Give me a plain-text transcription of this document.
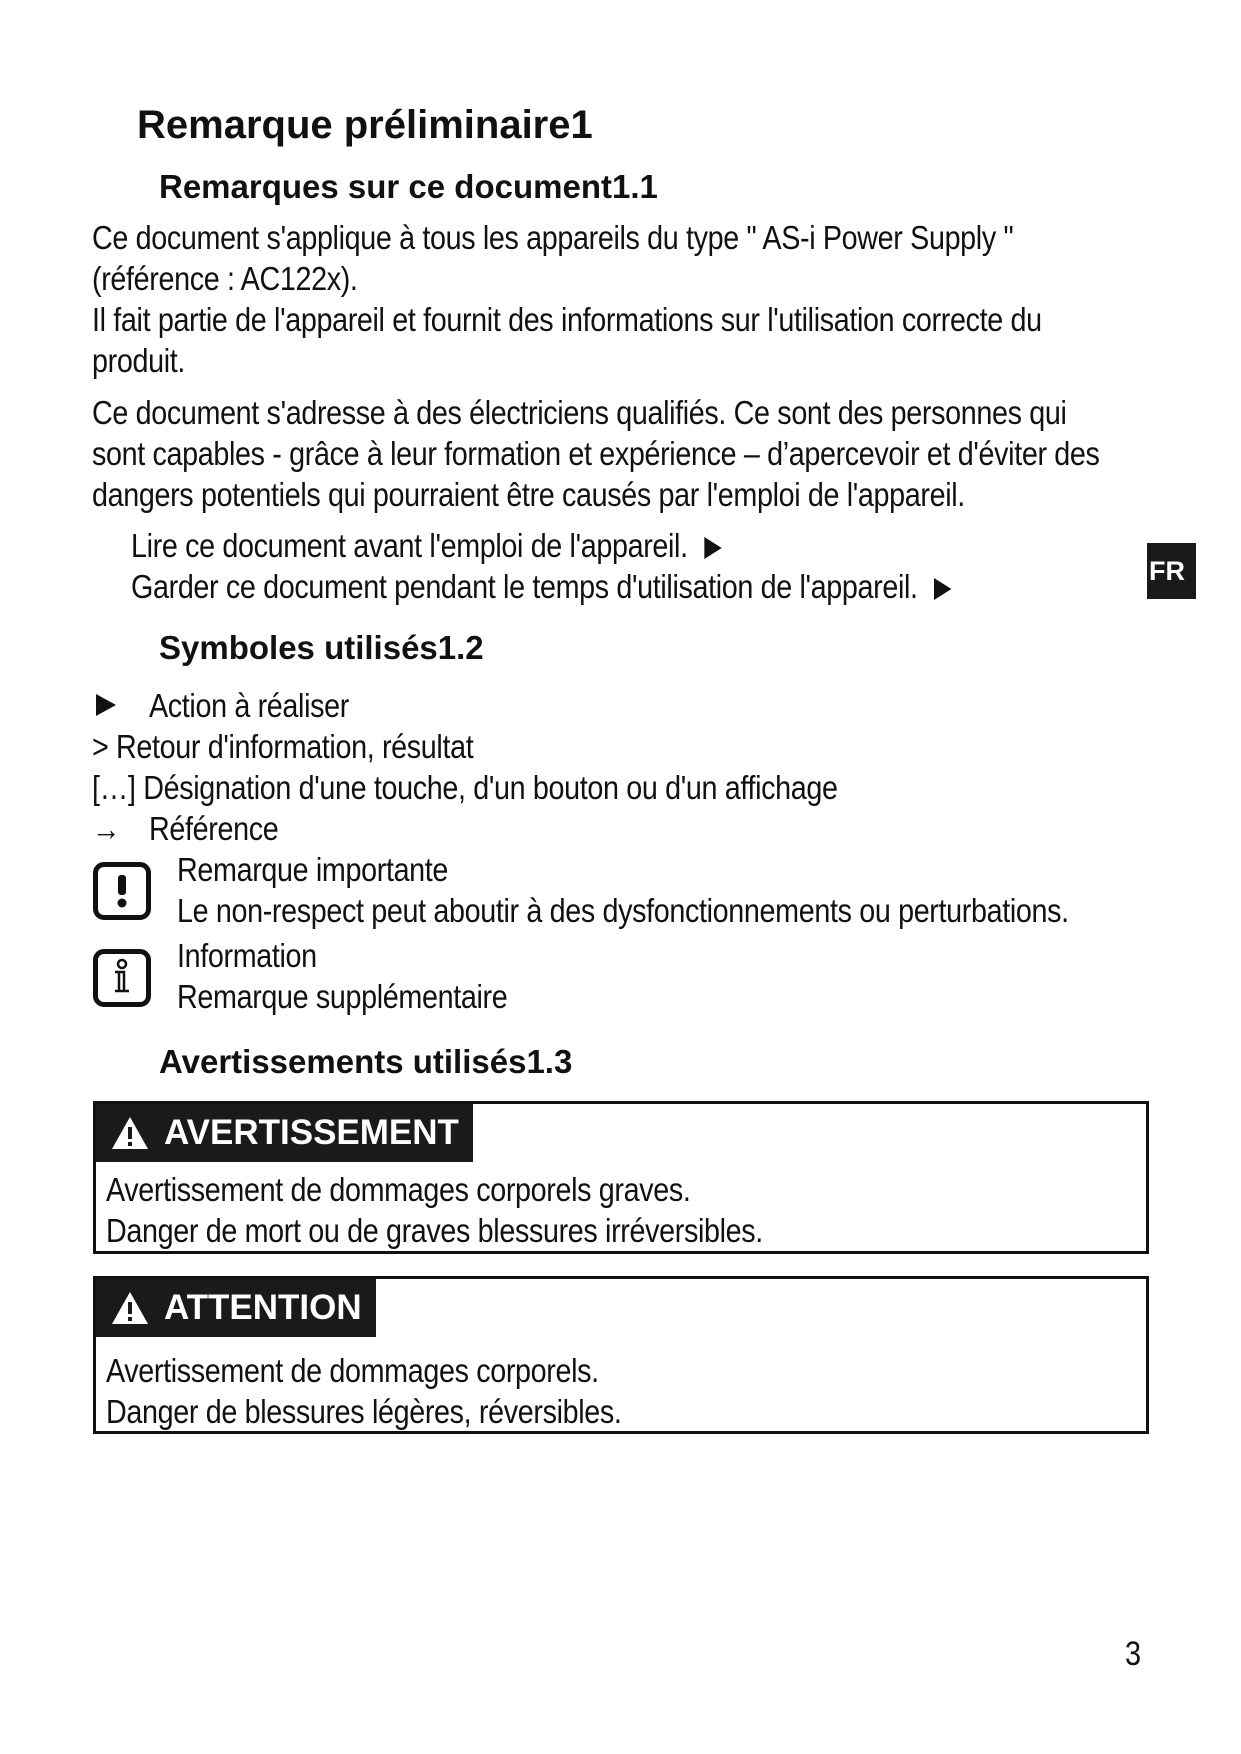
Remarque préliminaire1
Remarques sur ce document1.1
Ce document s'applique à tous les appareils du type " AS-i Power Supply "
(référence : AC122x).
Il fait partie de l'appareil et fournit des informations sur l'utilisation correcte du
produit.
Ce document s'adresse à des électriciens qualifiés. Ce sont des personnes qui
sont capables - grâce à leur formation et expérience – d’apercevoir et d'éviter des
dangers potentiels qui pourraient être causés par l'emploi de l'appareil.
Lire ce document avant l'emploi de l'appareil.
Garder ce document pendant le temps d'utilisation de l'appareil.	FR
Symboles utilisés1.2
Action à réaliser
> Retour d'information, résultat
[…] Désignation d'une touche, d'un bouton ou d'un affichage
→ Référence
Remarque importante
Le non-respect peut aboutir à des dysfonctionnements ou perturbations.
Information
Remarque supplémentaire
Avertissements utilisés1.3
AVERTISSEMENT
Avertissement de dommages corporels graves.
Danger de mort ou de graves blessures irréversibles.
ATTENTION
Avertissement de dommages corporels.
Danger de blessures légères, réversibles.
3
